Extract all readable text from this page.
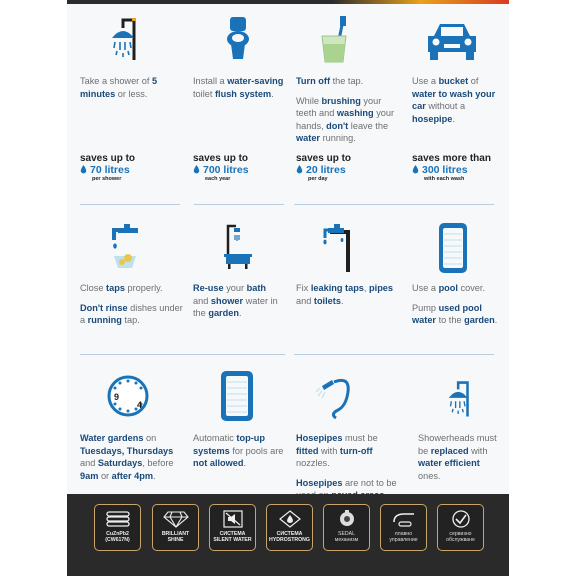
Take a shower of 5 minutes or less.

Install a water-saving toilet flush system.

Turn off the tap.

While brushing your teeth and washing your hands, don't leave the water running.

Use a bucket of water to wash your car without a hosepipe.

saves up to
70 litres
per shower
saves up to
700 litres
each year
saves up to
20 litres
per day
saves more than
300 litres
with each wash

Close taps properly.

Don't rinse dishes under a running tap.

Re-use your bath and shower water in the garden.

Fix leaking taps, pipes and toilets.

Use a pool cover.

Pump used pool water to the garden.

9
4

Water gardens on Tuesdays, Thursdays and Saturdays, before 9am or after 4pm.

Automatic top-up systems for pools are not allowed.

Hosepipes must be fitted with turn-off nozzles.

Hosepipes are not to be

Showerheads must be replaced with water efficient ones.

CuZnPb2
(CW617N)
BRILLIANT
SHINE
СИСТЕМА
SILENT WATER
СИСТЕМА
HYDROSTRONG
SEDAL
механизм
плавно
управление
сервизно
обслужване
